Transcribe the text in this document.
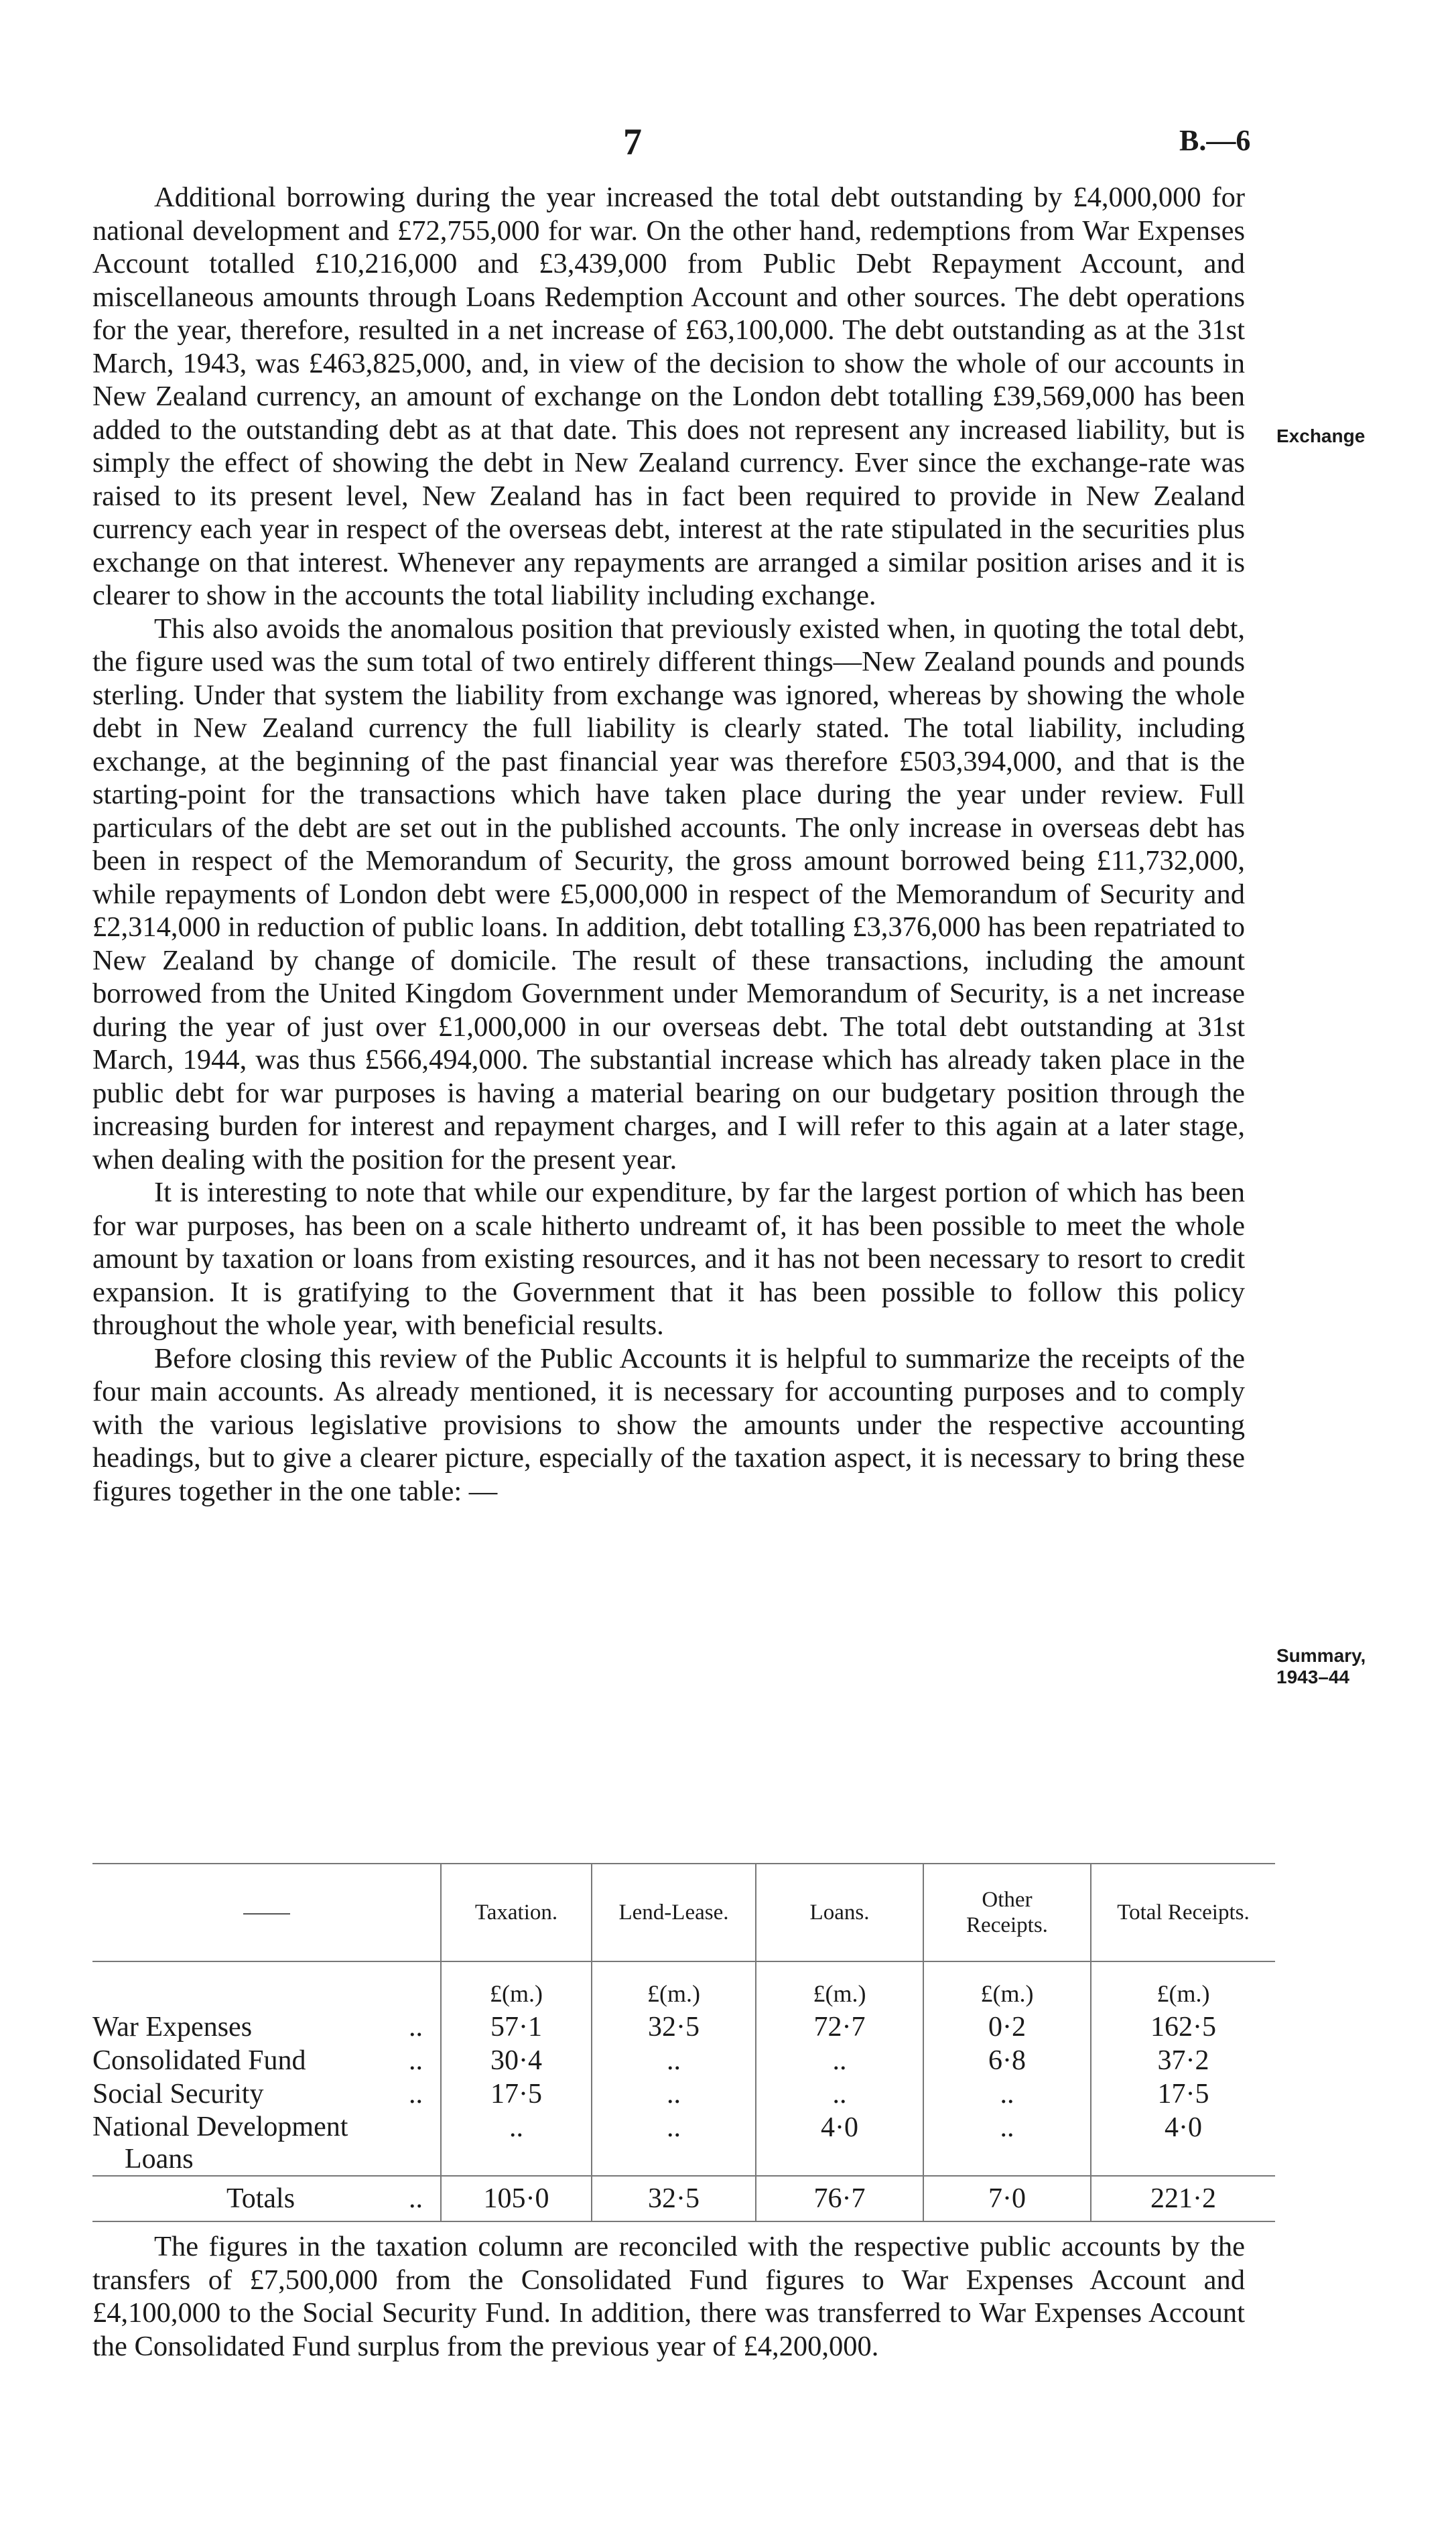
7	B.—6
Exchange
Summary,
1943–44

Additional borrowing during the year increased the total debt outstanding by £4,000,000 for national development and £72,755,000 for war. On the other hand, redemptions from War Expenses Account totalled £10,216,000 and £3,439,000 from Public Debt Repayment Account, and miscellaneous amounts through Loans Redemption Account and other sources. The debt operations for the year, therefore, resulted in a net increase of £63,100,000. The debt outstanding as at the 31st March, 1943, was £463,825,000, and, in view of the decision to show the whole of our accounts in New Zealand currency, an amount of exchange on the London debt totalling £39,569,000 has been added to the outstanding debt as at that date. This does not represent any increased liability, but is simply the effect of showing the debt in New Zealand currency. Ever since the exchange-rate was raised to its present level, New Zealand has in fact been required to provide in New Zealand currency each year in respect of the overseas debt, interest at the rate stipulated in the securities plus exchange on that interest. Whenever any repayments are arranged a similar position arises and it is clearer to show in the accounts the total liability including exchange.

This also avoids the anomalous position that previously existed when, in quoting the total debt, the figure used was the sum total of two entirely different things—New Zealand pounds and pounds sterling. Under that system the liability from exchange was ignored, whereas by showing the whole debt in New Zealand currency the full liability is clearly stated. The total liability, including exchange, at the beginning of the past financial year was therefore £503,394,000, and that is the starting-point for the transactions which have taken place during the year under review. Full particulars of the debt are set out in the published accounts. The only increase in overseas debt has been in respect of the Memorandum of Security, the gross amount borrowed being £11,732,000, while repayments of London debt were £5,000,000 in respect of the Memorandum of Security and £2,314,000 in reduction of public loans. In addition, debt totalling £3,376,000 has been repatriated to New Zealand by change of domicile. The result of these transactions, including the amount borrowed from the United Kingdom Government under Memorandum of Security, is a net increase during the year of just over £1,000,000 in our overseas debt. The total debt outstanding at 31st March, 1944, was thus £566,494,000. The substantial increase which has already taken place in the public debt for war purposes is having a material bearing on our budgetary position through the increasing burden for interest and repayment charges, and I will refer to this again at a later stage, when dealing with the position for the present year.

It is interesting to note that while our expenditure, by far the largest portion of which has been for war purposes, has been on a scale hitherto undreamt of, it has been possible to meet the whole amount by taxation or loans from existing resources, and it has not been necessary to resort to credit expansion. It is gratifying to the Government that it has been possible to follow this policy throughout the whole year, with beneficial results.

Before closing this review of the Public Accounts it is helpful to summarize the receipts of the four main accounts. As already mentioned, it is necessary for accounting purposes and to comply with the various legislative provisions to show the amounts under the respective accounting headings, but to give a clearer picture, especially of the taxation aspect, it is necessary to bring these figures together in the one table: —

	Taxation.	Lend-Lease.	Loans.	Other Receipts.	Total Receipts.
	£(m.)	£(m.)	£(m.)	£(m.)	£(m.)
War Expenses ..	57·1	32·5	72·7	0·2	162·5
Consolidated Fund ..	30·4	..	..	6·8	37·2
Social Security ..	17·5	..	..	..	17·5
National Development
Loans	..	..	4·0	..	4·0
Totals ..	105·0	32·5	76·7	7·0	221·2

The figures in the taxation column are reconciled with the respective public accounts by the transfers of £7,500,000 from the Consolidated Fund figures to War Expenses Account and £4,100,000 to the Social Security Fund. In addition, there was transferred to War Expenses Account the Consolidated Fund surplus from the previous year of £4,200,000.
